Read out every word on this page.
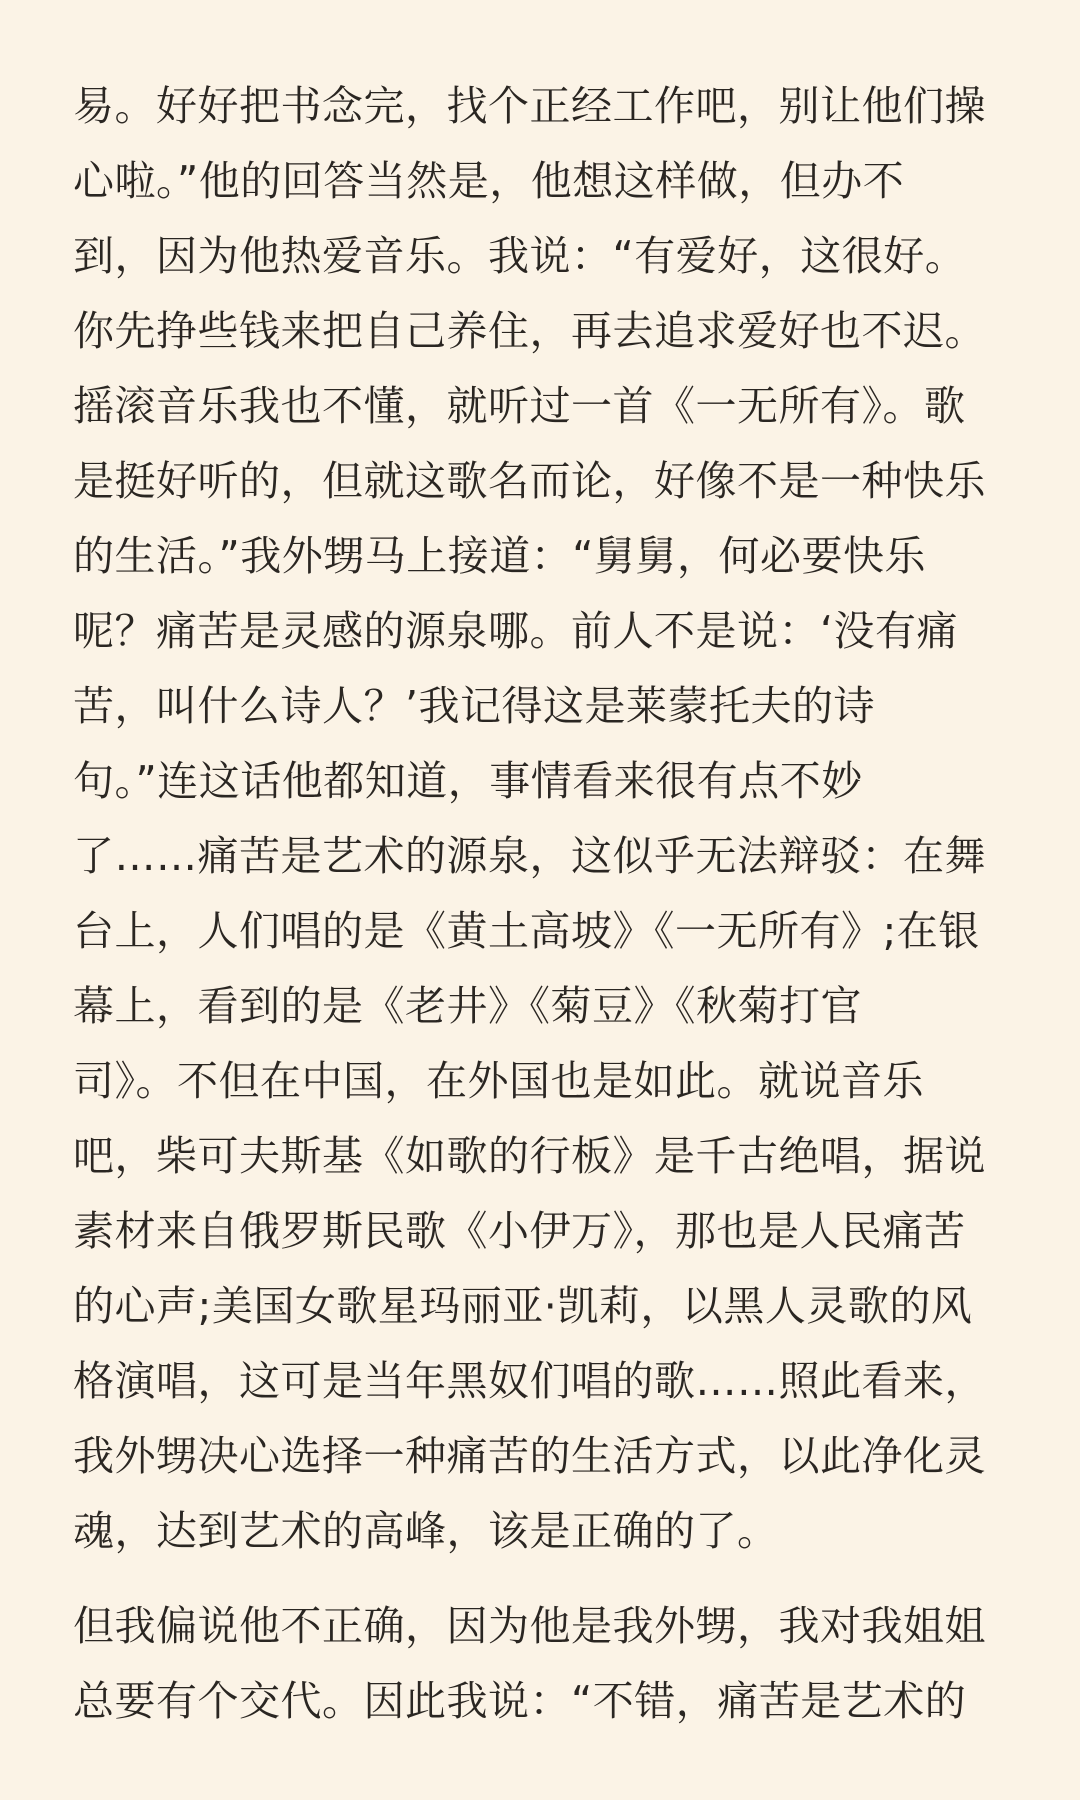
易。好好把书念完，找个正经工作吧，别让他们操
心啦。”他的回答当然是，他想这样做，但办不
到，因为他热爱音乐。我说：“有爱好，这很好。
你先挣些钱来把自己养住，再去追求爱好也不迟。
摇滚音乐我也不懂，就听过一首《一无所有》。歌
是挺好听的，但就这歌名而论，好像不是一种快乐
的生活。”我外甥马上接道：“舅舅，何必要快乐
呢？痛苦是灵感的源泉哪。前人不是说：‘没有痛
苦，叫什么诗人？’我记得这是莱蒙托夫的诗
句。”连这话他都知道，事情看来很有点不妙
了……痛苦是艺术的源泉，这似乎无法辩驳：在舞
台上，人们唱的是《黄土高坡》《一无所有》;在银
幕上，看到的是《老井》《菊豆》《秋菊打官
司》。不但在中国，在外国也是如此。就说音乐
吧，柴可夫斯基《如歌的行板》是千古绝唱，据说
素材来自俄罗斯民歌《小伊万》，那也是人民痛苦
的心声;美国女歌星玛丽亚·凯莉，以黑人灵歌的风
格演唱，这可是当年黑奴们唱的歌……照此看来，
我外甥决心选择一种痛苦的生活方式，以此净化灵
魂，达到艺术的高峰，该是正确的了。
但我偏说他不正确，因为他是我外甥，我对我姐姐
总要有个交代。因此我说：“不错，痛苦是艺术的
